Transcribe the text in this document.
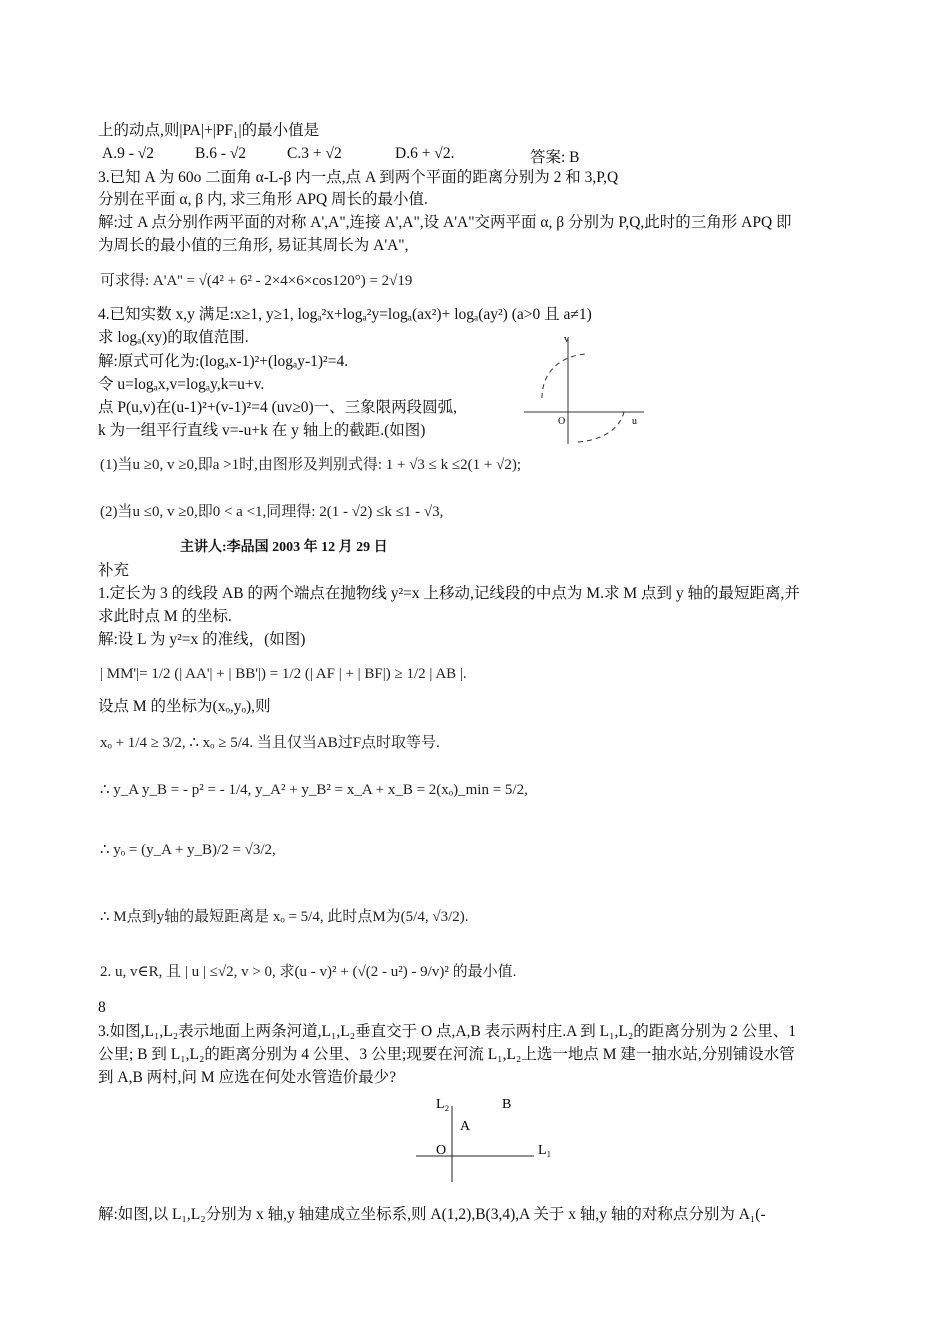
上的动点,则|PA|+|PF₁|的最小值是
A.9 - √2	B.6 - √2	C.3 + √2	D.6 + √2.	答案: B
3.已知 A 为 60o 二面角 α-L-β 内一点,点 A 到两个平面的距离分别为 2 和 3,P,Q
分别在平面 α, β 内, 求三角形 APQ 周长的最小值.
解:过 A 点分别作两平面的对称 A',A",连接 A',A",设 A'A"交两平面 α, β 分别为 P,Q,此时的三角形 APQ 即
为周长的最小值的三角形, 易证其周长为 A'A",
可求得: A'A'' = √(4² + 6² - 2×4×6×cos120°) = 2√19
4.已知实数 x,y 满足:x≥1, y≥1, logₐ²x+logₐ²y=logₐ(ax²)+ logₐ(ay²) (a>0 且 a≠1)
求 logₐ(xy)的取值范围.
解:原式可化为:(logₐx-1)²+(logₐy-1)²=4.
令 u=logₐx,v=logₐy,k=u+v.
点 P(u,v)在(u-1)²+(v-1)²=4 (uv≥0)一、三象限两段圆弧,
k 为一组平行直线 v=-u+k 在 y 轴上的截距.(如图)
v
u
O
(1)当u ≥0, v ≥0,即a >1时,由图形及判别式得: 1 + √3 ≤ k ≤2(1 + √2);
(2)当u ≤0, v ≥0,即0 < a <1,同理得: 2(1 - √2) ≤k ≤1 - √3,
主讲人:李品国 2003 年 12 月 29 日
补充
1.定长为 3 的线段 AB 的两个端点在抛物线 y²=x 上移动,记线段的中点为 M.求 M 点到 y 轴的最短距离,并
求此时点 M 的坐标.
解:设 L 为 y²=x 的准线，(如图)
| MM'|= 1/2 (| AA'| + | BB'|) = 1/2 (| AF | + | BF|) ≥ 1/2 | AB |.
设点 M 的坐标为(xₒ,yₒ),则
xₒ + 1/4 ≥ 3/2, ∴ xₒ ≥ 5/4. 当且仅当AB过F点时取等号.
∴ y_A y_B = - p² = - 1/4, y_A² + y_B² = x_A + x_B = 2(xₒ)_min = 5/2,
∴ yₒ = (y_A + y_B)/2 = √3/2,
∴ M点到y轴的最短距离是 xₒ = 5/4, 此时点M为(5/4, √3/2).
2. u, v∈R, 且 | u | ≤√2, v > 0, 求(u - v)² + (√(2 - u²) - 9/v)² 的最小值.
8
3.如图,L₁,L₂表示地面上两条河道,L₁,L₂垂直交于 O 点,A,B 表示两村庄.A 到 L₁,L₂的距离分别为 2 公里、1
公里; B 到 L₁,L₂的距离分别为 4 公里、3 公里;现要在河流 L₁,L₂上选一地点 M 建一抽水站,分别铺设水管
到 A,B 两村,问 M 应选在何处水管造价最少?
L₂	B
A
O	L₁
解:如图,以 L₁,L₂分别为 x 轴,y 轴建成立坐标系,则 A(1,2),B(3,4),A 关于 x 轴,y 轴的对称点分别为 A₁(-
